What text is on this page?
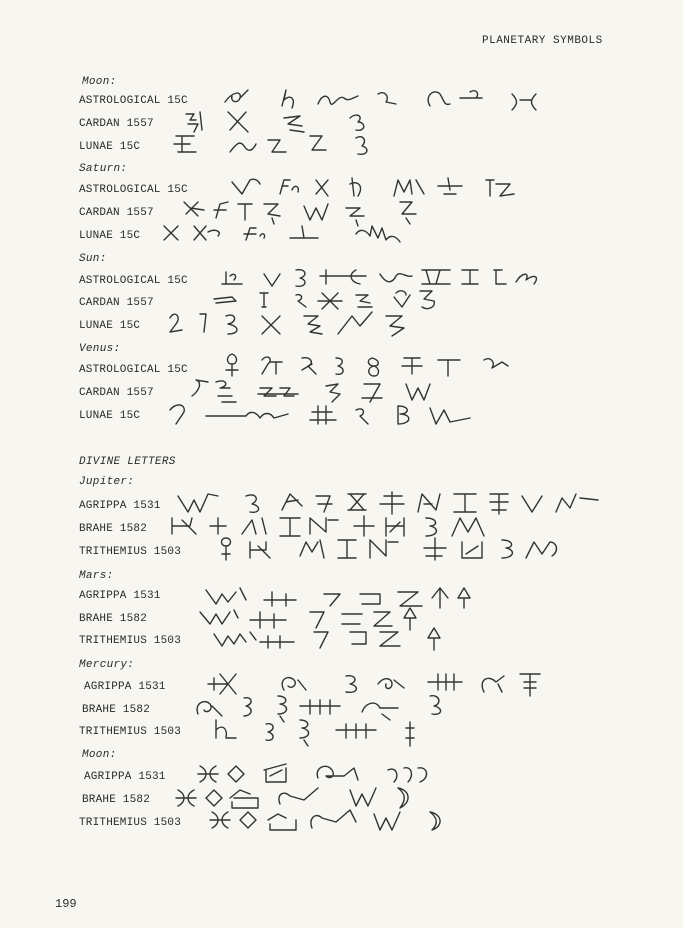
PLANETARY SYMBOLS
Moon:
ASTROLOGICAL 15C
CARDAN 1557
LUNAE 15C
Saturn:
ASTROLOGICAL 15C
CARDAN 1557
LUNAE 15C
Sun:
ASTROLOGICAL 15C
CARDAN 1557
LUNAE 15C
Venus:
ASTROLOGICAL 15C
CARDAN 1557
LUNAE 15C
DIVINE LETTERS
Jupiter:
AGRIPPA 1531
BRAHE 1582
TRITHEMIUS 1503
Mars:
AGRIPPA 1531
BRAHE 1582
TRITHEMIUS 1503
Mercury:
AGRIPPA 1531
BRAHE 1582
TRITHEMIUS 1503
Moon:
AGRIPPA 1531
BRAHE 1582
TRITHEMIUS 1503
199
